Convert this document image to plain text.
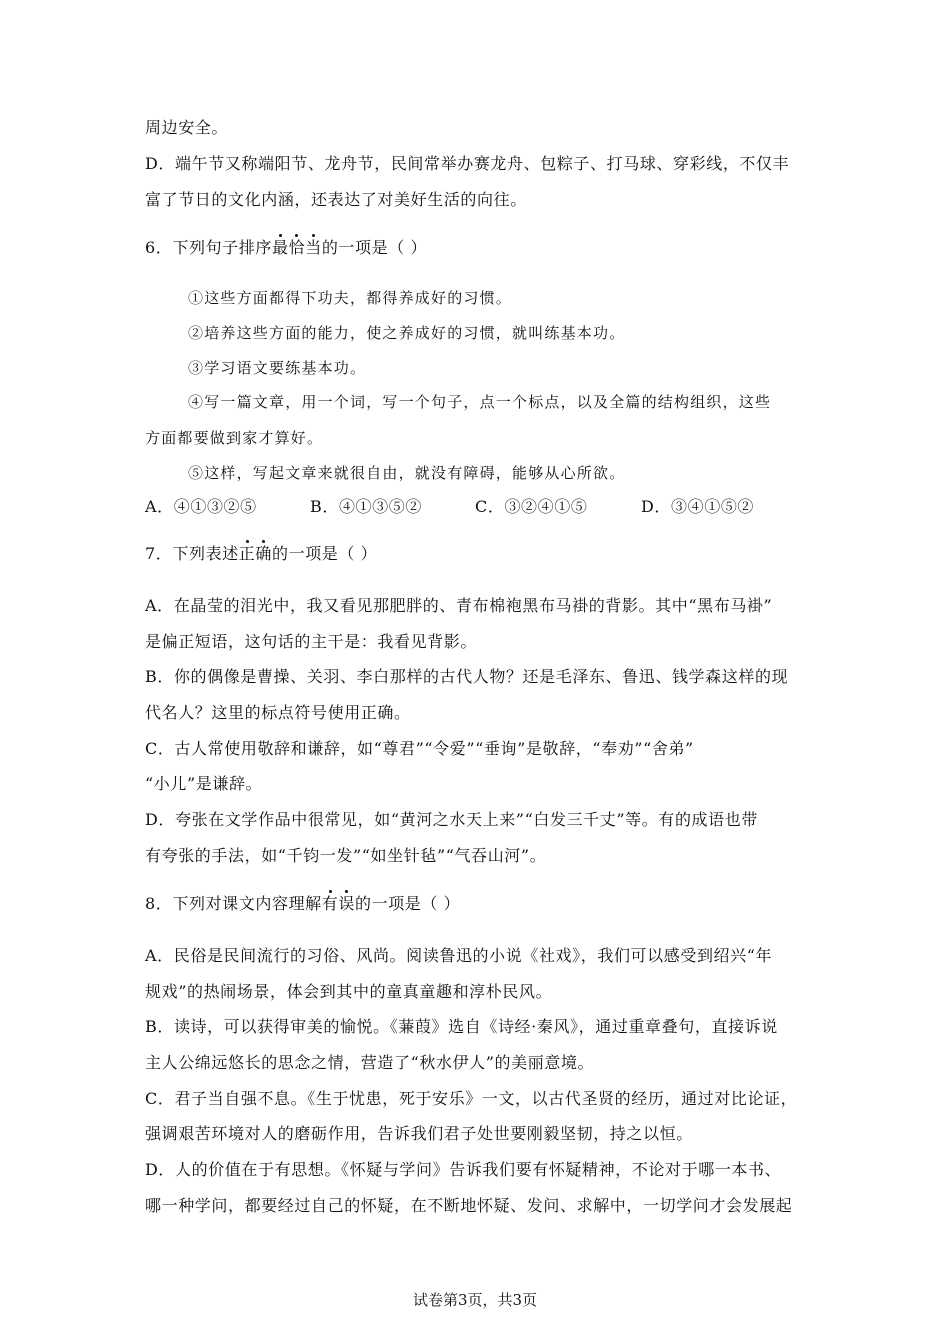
周边安全。
D．端午节又称端阳节、龙舟节，民间常举办赛龙舟、包粽子、打马球、穿彩线，不仅丰
富了节日的文化内涵，还表达了对美好生活的向往。
6．下列句子排序最恰当的一项是（ ）
①这些方面都得下功夫，都得养成好的习惯。
②培养这些方面的能力，使之养成好的习惯，就叫练基本功。
③学习语文要练基本功。
④写一篇文章，用一个词，写一个句子，点一个标点，以及全篇的结构组织，这些
方面都要做到家才算好。
⑤这样，写起文章来就很自由，就没有障碍，能够从心所欲。
A．④①③②⑤	B．④①③⑤②	C．③②④①⑤	D．③④①⑤②
7．下列表述正确的一项是（ ）
A．在晶莹的泪光中，我又看见那肥胖的、青布棉袍黑布马褂的背影。其中“黑布马褂”
是偏正短语，这句话的主干是：我看见背影。
B．你的偶像是曹操、关羽、李白那样的古代人物？还是毛泽东、鲁迅、钱学森这样的现
代名人？这里的标点符号使用正确。
C．古人常使用敬辞和谦辞，如“尊君”“令爱”“垂询”是敬辞，“奉劝”“舍弟”
“小儿”是谦辞。
D．夸张在文学作品中很常见，如“黄河之水天上来”“白发三千丈”等。有的成语也带
有夸张的手法，如“千钧一发”“如坐针毡”“气吞山河”。
8．下列对课文内容理解有误的一项是（ ）
A．民俗是民间流行的习俗、风尚。阅读鲁迅的小说《社戏》，我们可以感受到绍兴“年
规戏”的热闹场景，体会到其中的童真童趣和淳朴民风。
B．读诗，可以获得审美的愉悦。《蒹葭》选自《诗经·秦风》，通过重章叠句，直接诉说
主人公绵远悠长的思念之情，营造了“秋水伊人”的美丽意境。
C．君子当自强不息。《生于忧患，死于安乐》一文，以古代圣贤的经历，通过对比论证，
强调艰苦环境对人的磨砺作用，告诉我们君子处世要刚毅坚韧，持之以恒。
D．人的价值在于有思想。《怀疑与学问》告诉我们要有怀疑精神，不论对于哪一本书、
哪一种学问，都要经过自己的怀疑，在不断地怀疑、发问、求解中，一切学问才会发展起
试卷第3页，共3页
